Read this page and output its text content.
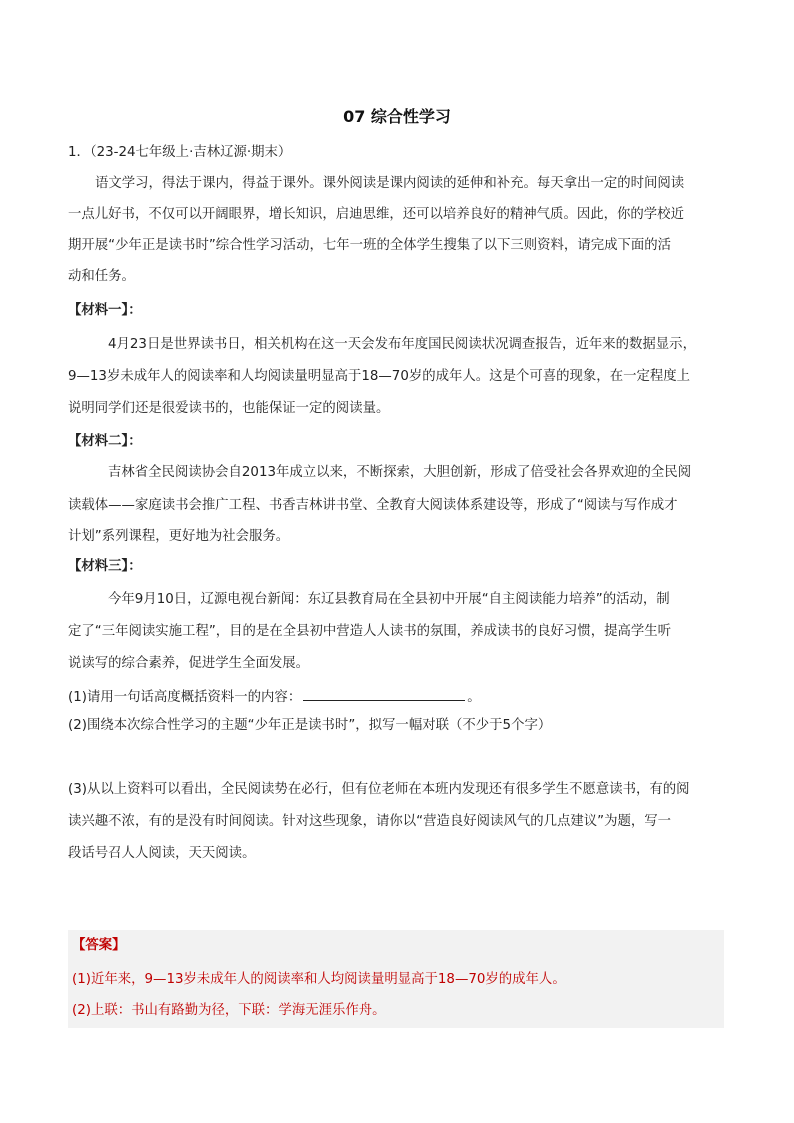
07 综合性学习
1．（23-24七年级上·吉林辽源·期末）
语文学习，得法于课内，得益于课外。课外阅读是课内阅读的延伸和补充。每天拿出一定的时间阅读
一点儿好书，不仅可以开阔眼界，增长知识，启迪思维，还可以培养良好的精神气质。因此，你的学校近
期开展“少年正是读书时”综合性学习活动，七年一班的全体学生搜集了以下三则资料，请完成下面的活
动和任务。
【材料一】：
4月23日是世界读书日，相关机构在这一天会发布年度国民阅读状况调查报告，近年来的数据显示，
9—13岁未成年人的阅读率和人均阅读量明显高于18—70岁的成年人。这是个可喜的现象，在一定程度上
说明同学们还是很爱读书的，也能保证一定的阅读量。
【材料二】：
吉林省全民阅读协会自2013年成立以来，不断探索，大胆创新，形成了倍受社会各界欢迎的全民阅
读载体——家庭读书会推广工程、书香吉林讲书堂、全教育大阅读体系建设等，形成了“阅读与写作成才
计划”系列课程，更好地为社会服务。
【材料三】：
今年9月10日，辽源电视台新闻：东辽县教育局在全县初中开展“自主阅读能力培养”的活动，制
定了“三年阅读实施工程”，目的是在全县初中营造人人读书的氛围，养成读书的良好习惯，提高学生听
说读写的综合素养，促进学生全面发展。
(1)请用一句话高度概括资料一的内容：	。
(2)围绕本次综合性学习的主题“少年正是读书时”，拟写一幅对联（不少于5个字）
(3)从以上资料可以看出，全民阅读势在必行，但有位老师在本班内发现还有很多学生不愿意读书，有的阅
读兴趣不浓，有的是没有时间阅读。针对这些现象，请你以“营造良好阅读风气的几点建议”为题，写一
段话号召人人阅读，天天阅读。
【答案】
(1)近年来，9—13岁未成年人的阅读率和人均阅读量明显高于18—70岁的成年人。
(2)上联：书山有路勤为径，下联：学海无涯乐作舟。
